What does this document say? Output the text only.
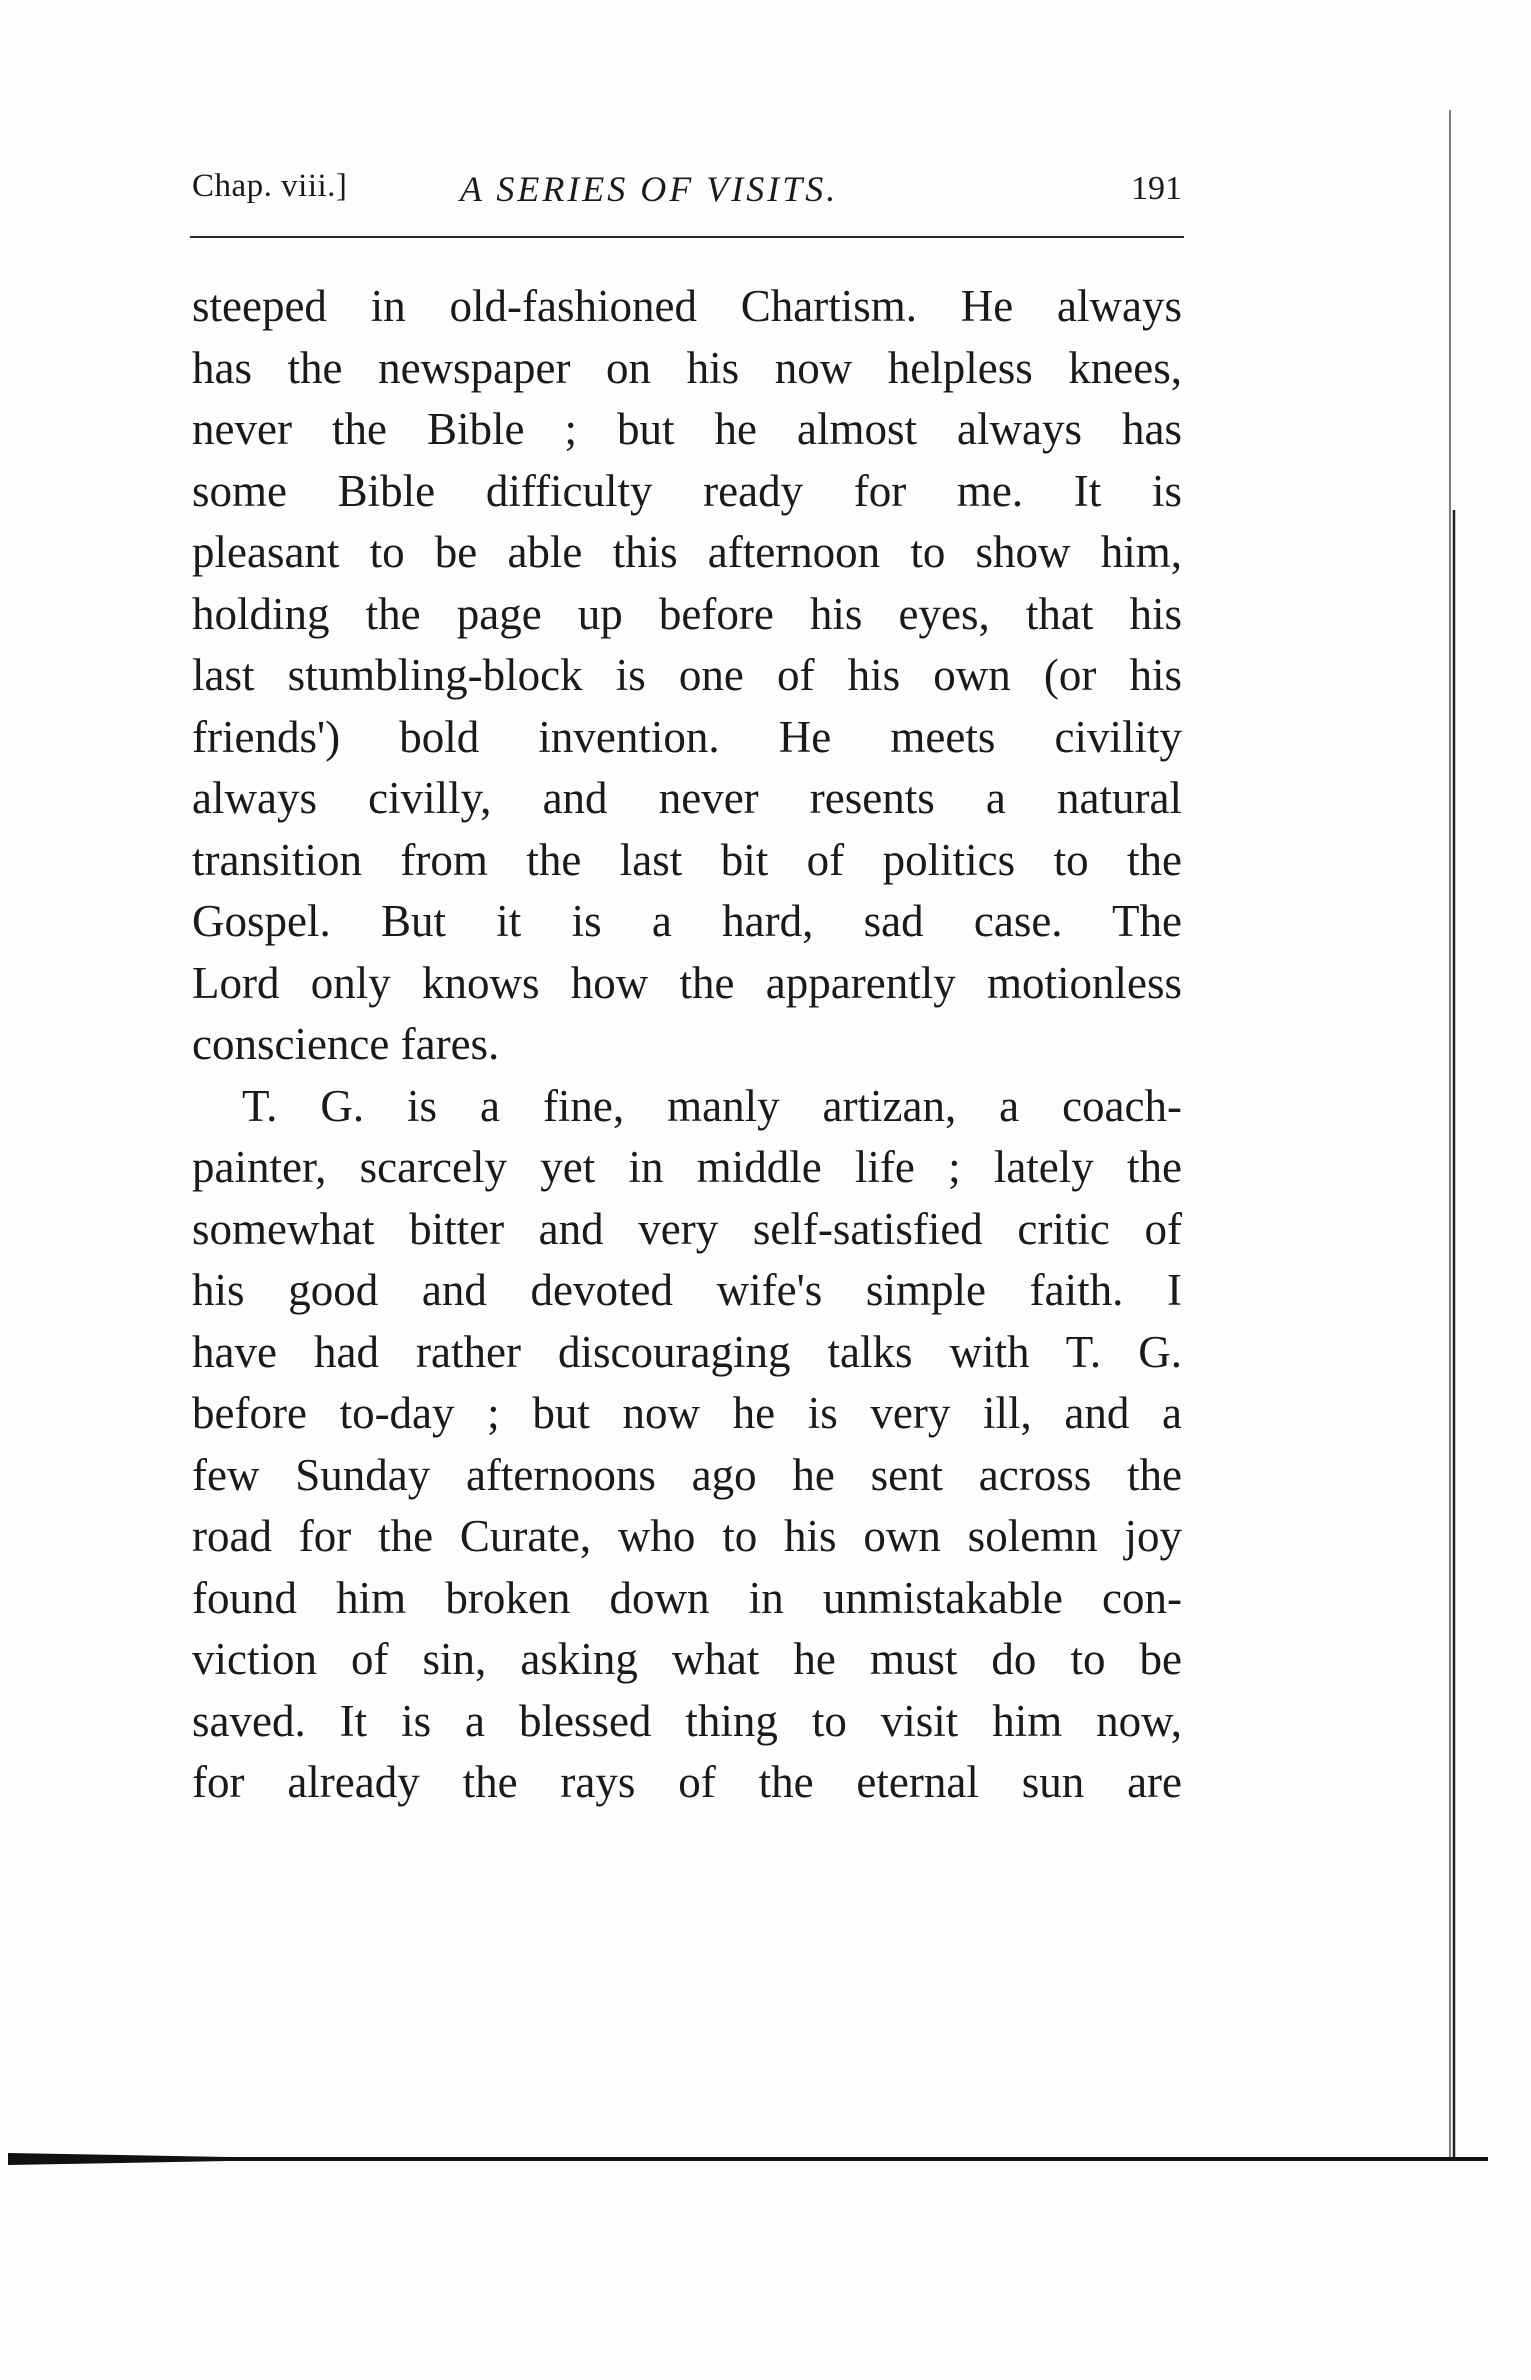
Chap. viii.]	A SERIES OF VISITS.	191
steeped in old-fashioned Chartism. He always
has the newspaper on his now helpless knees,
never the Bible ; but he almost always has
some Bible difficulty ready for me. It is
pleasant to be able this afternoon to show him,
holding the page up before his eyes, that his
last stumbling-block is one of his own (or his
friends') bold invention. He meets civility
always civilly, and never resents a natural
transition from the last bit of politics to the
Gospel. But it is a hard, sad case. The
Lord only knows how the apparently motionless
conscience fares.
T. G. is a fine, manly artizan, a coach-
painter, scarcely yet in middle life ; lately the
somewhat bitter and very self-satisfied critic of
his good and devoted wife's simple faith. I
have had rather discouraging talks with T. G.
before to-day ; but now he is very ill, and a
few Sunday afternoons ago he sent across the
road for the Curate, who to his own solemn joy
found him broken down in unmistakable con-
viction of sin, asking what he must do to be
saved. It is a blessed thing to visit him now,
for already the rays of the eternal sun are
